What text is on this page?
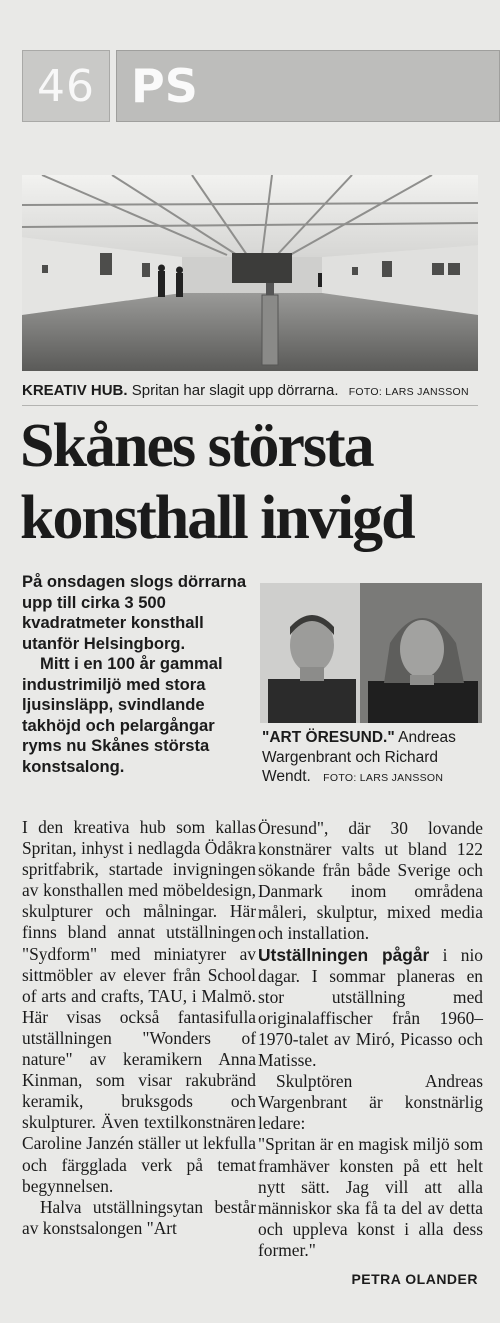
46 PS
KREATIV HUB. Spritan har slagit upp dörrarna. FOTO: LARS JANSSON
Skånes största
konsthall invigd

På onsdagen slogs dörrarna upp till cirka 3 500 kvadratmeter konsthall utanför Helsingborg.

Mitt i en 100 år gammal industrimiljö med stora ljusinsläpp, svindlande takhöjd och pelargångar ryms nu Skånes största konstsalong.

"ART ÖRESUND." Andreas Wargenbrant och Richard Wendt. FOTO: LARS JANSSON

I den kreativa hub som kallas Spritan, inhyst i nedlagda Ödåkra spritfabrik, startade invigningen av konsthallen med möbeldesign, skulpturer och målningar. Här finns bland annat utställningen "Sydform" med miniatyrer av sittmöbler av elever från School of arts and crafts, TAU, i Malmö. Här visas också fantasifulla utställningen "Wonders of nature" av keramikern Anna Kinman, som visar rakubränd keramik, bruksgods och skulpturer. Även textilkonstnären Caroline Janzén ställer ut lekfulla och färgglada verk på temat begynnelsen.

Halva utställningsytan består av konstsalongen "Art

Öresund", där 30 lovande konstnärer valts ut bland 122 sökande från både Sverige och Danmark inom områdena måleri, skulptur, mixed media och installation.

Utställningen pågår i nio dagar. I sommar planeras en stor utställning med originalaffischer från 1960–1970-talet av Miró, Picasso och Matisse.

Skulptören Andreas Wargenbrant är konstnärlig ledare:

"Spritan är en magisk miljö som framhäver konsten på ett helt nytt sätt. Jag vill att alla människor ska få ta del av detta och uppleva konst i alla dess former."
PETRA OLANDER
